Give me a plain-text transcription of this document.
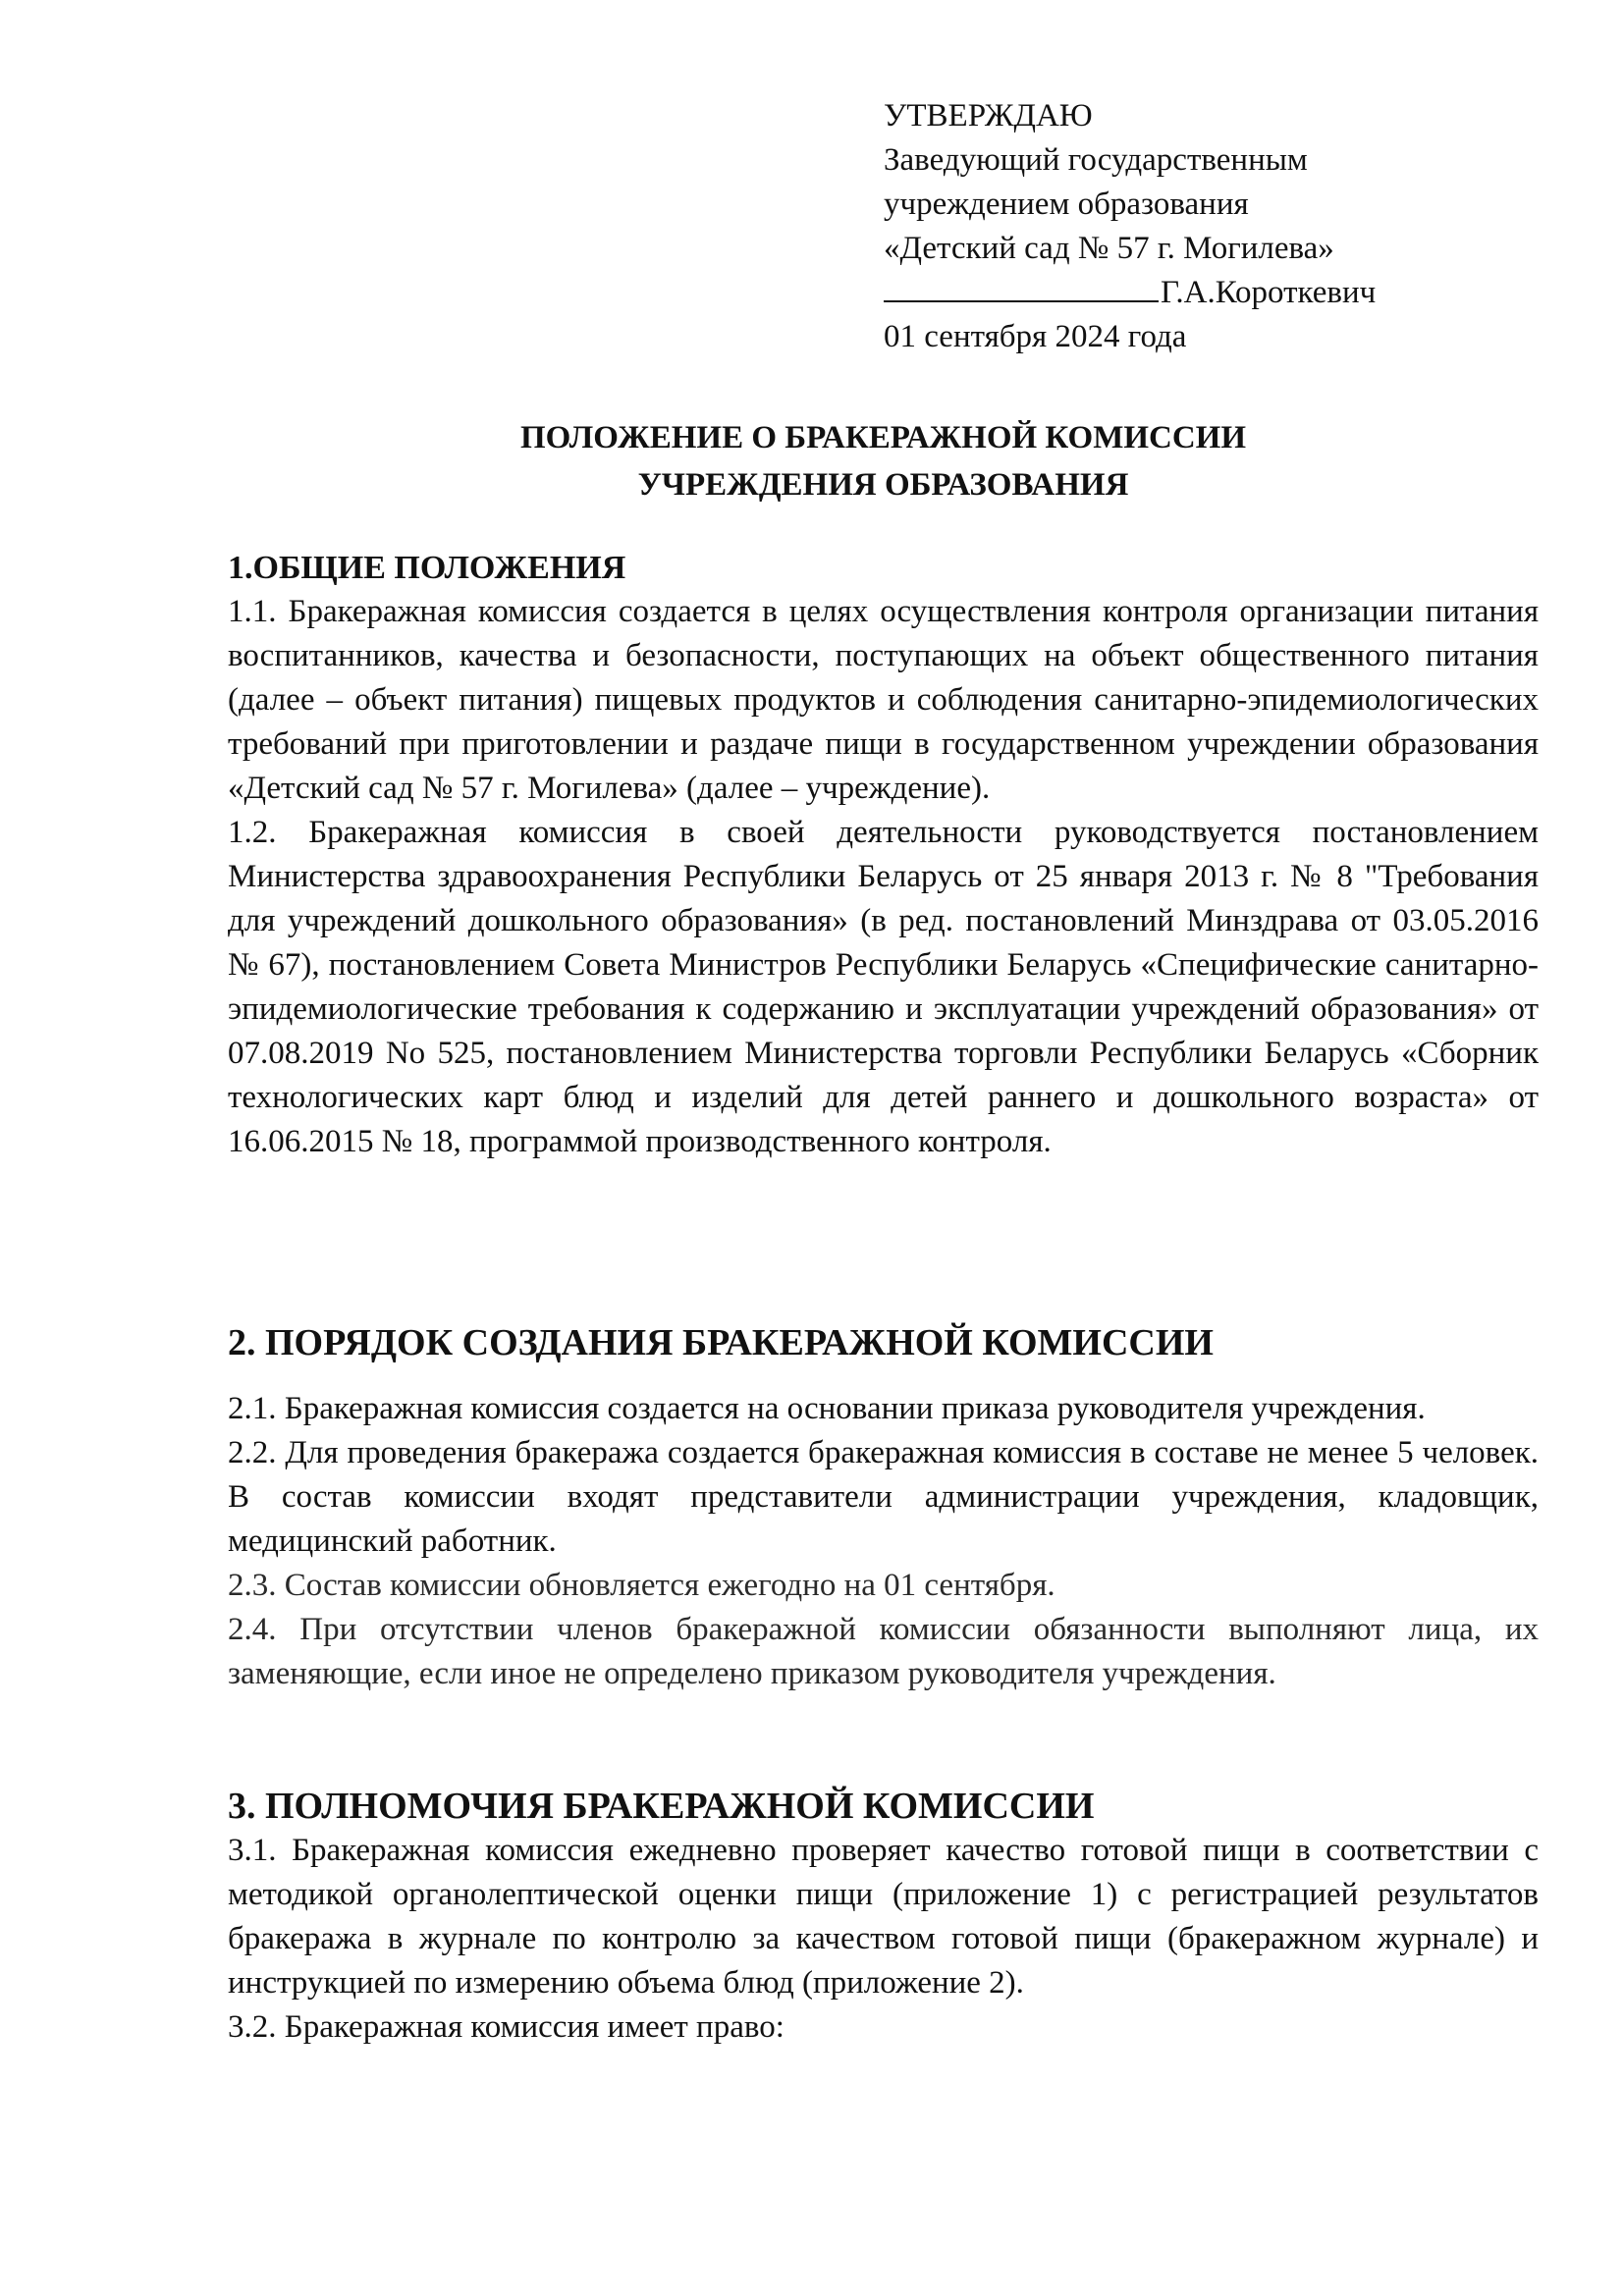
УТВЕРЖДАЮ
Заведующий государственным
учреждением образования
«Детский сад № 57 г. Могилева»
Г.А.Короткевич
01 сентября 2024 года
ПОЛОЖЕНИЕ О БРАКЕРАЖНОЙ КОМИССИИ
УЧРЕЖДЕНИЯ ОБРАЗОВАНИЯ
1.ОБЩИЕ ПОЛОЖЕНИЯ

1.1. Бракеражная комиссия создается в целях осуществления контроля организации питания воспитанников, качества и безопасности, поступающих на объект общественного питания (далее – объект питания) пищевых продуктов и соблюдения санитарно-эпидемиологических требований при приготовлении и раздаче пищи в государственном учреждении образования «Детский сад № 57 г. Могилева» (далее – учреждение).

1.2. Бракеражная комиссия в своей деятельности руководствуется постановлением Министерства здравоохранения Республики Беларусь от 25 января 2013 г. № 8 "Требования для учреждений дошкольного образования» (в ред. постановлений Минздрава от 03.05.2016 № 67), постановлением Совета Министров Республики Беларусь «Специфические санитарно-эпидемиологические требования к содержанию и эксплуатации учреждений образования» от 07.08.2019 No 525, постановлением Министерства торговли Республики Беларусь «Сборник технологических карт блюд и изделий для детей раннего и дошкольного возраста» от 16.06.2015 № 18, программой производственного контроля.

2. ПОРЯДОК СОЗДАНИЯ БРАКЕРАЖНОЙ КОМИССИИ

2.1. Бракеражная комиссия создается на основании приказа руководителя учреждения.

2.2. Для проведения бракеража создается бракеражная комиссия в составе не менее 5 человек. В состав комиссии входят представители администрации учреждения, кладовщик, медицинский работник.

2.3. Состав комиссии обновляется ежегодно на 01 сентября.

2.4. При отсутствии членов бракеражной комиссии обязанности выполняют лица, их заменяющие, если иное не определено приказом руководителя учреждения.

3. ПОЛНОМОЧИЯ БРАКЕРАЖНОЙ КОМИССИИ

3.1. Бракеражная комиссия ежедневно проверяет качество готовой пищи в соответствии с методикой органолептической оценки пищи (приложение 1) с регистрацией результатов бракеража в журнале по контролю за качеством готовой пищи (бракеражном журнале) и инструкцией по измерению объема блюд (приложение 2).

3.2. Бракеражная комиссия имеет право:
